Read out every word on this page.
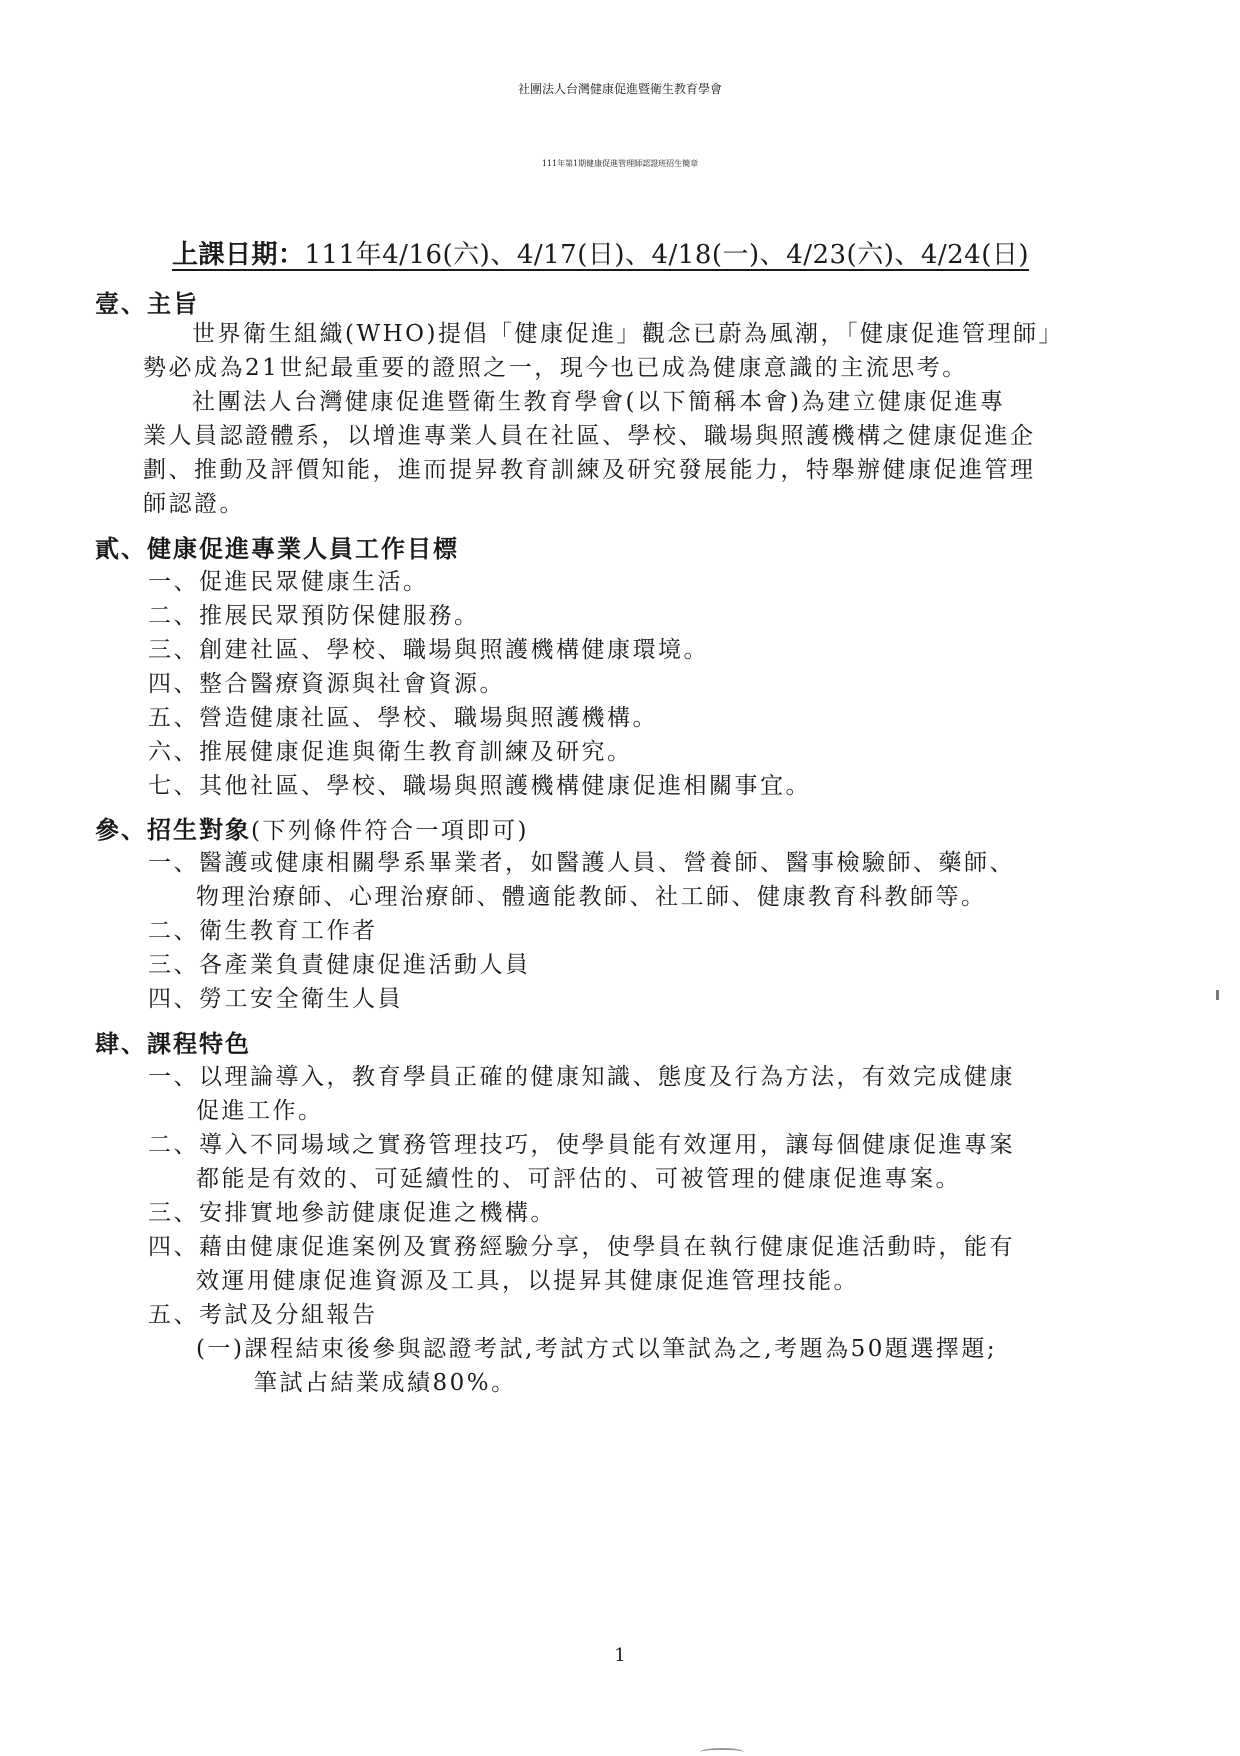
社團法人台灣健康促進暨衛生教育學會
111年第1期健康促進管理師認證班招生簡章
上課日期：111年4/16(六)、4/17(日)、4/18(一)、4/23(六)、4/24(日)
壹、主旨
世界衛生組織(WHO)提倡「健康促進」觀念已蔚為風潮，「健康促進管理師」
勢必成為21世紀最重要的證照之一，現今也已成為健康意識的主流思考。
社團法人台灣健康促進暨衛生教育學會(以下簡稱本會)為建立健康促進專
業人員認證體系，以增進專業人員在社區、學校、職場與照護機構之健康促進企
劃、推動及評價知能，進而提昇教育訓練及研究發展能力，特舉辦健康促進管理
師認證。
貳、健康促進專業人員工作目標
一、促進民眾健康生活。
二、推展民眾預防保健服務。
三、創建社區、學校、職場與照護機構健康環境。
四、整合醫療資源與社會資源。
五、營造健康社區、學校、職場與照護機構。
六、推展健康促進與衛生教育訓練及研究。
七、其他社區、學校、職場與照護機構健康促進相關事宜。
參、招生對象(下列條件符合一項即可)
一、醫護或健康相關學系畢業者，如醫護人員、營養師、醫事檢驗師、藥師、
物理治療師、心理治療師、體適能教師、社工師、健康教育科教師等。
二、衛生教育工作者
三、各產業負責健康促進活動人員
四、勞工安全衛生人員
肆、課程特色
一、以理論導入，教育學員正確的健康知識、態度及行為方法，有效完成健康
促進工作。
二、導入不同場域之實務管理技巧，使學員能有效運用，讓每個健康促進專案
都能是有效的、可延續性的、可評估的、可被管理的健康促進專案。
三、安排實地參訪健康促進之機構。
四、藉由健康促進案例及實務經驗分享，使學員在執行健康促進活動時，能有
效運用健康促進資源及工具，以提昇其健康促進管理技能。
五、考試及分組報告
(一)課程結束後參與認證考試,考試方式以筆試為之,考題為50題選擇題;
筆試占結業成績80%。
1
